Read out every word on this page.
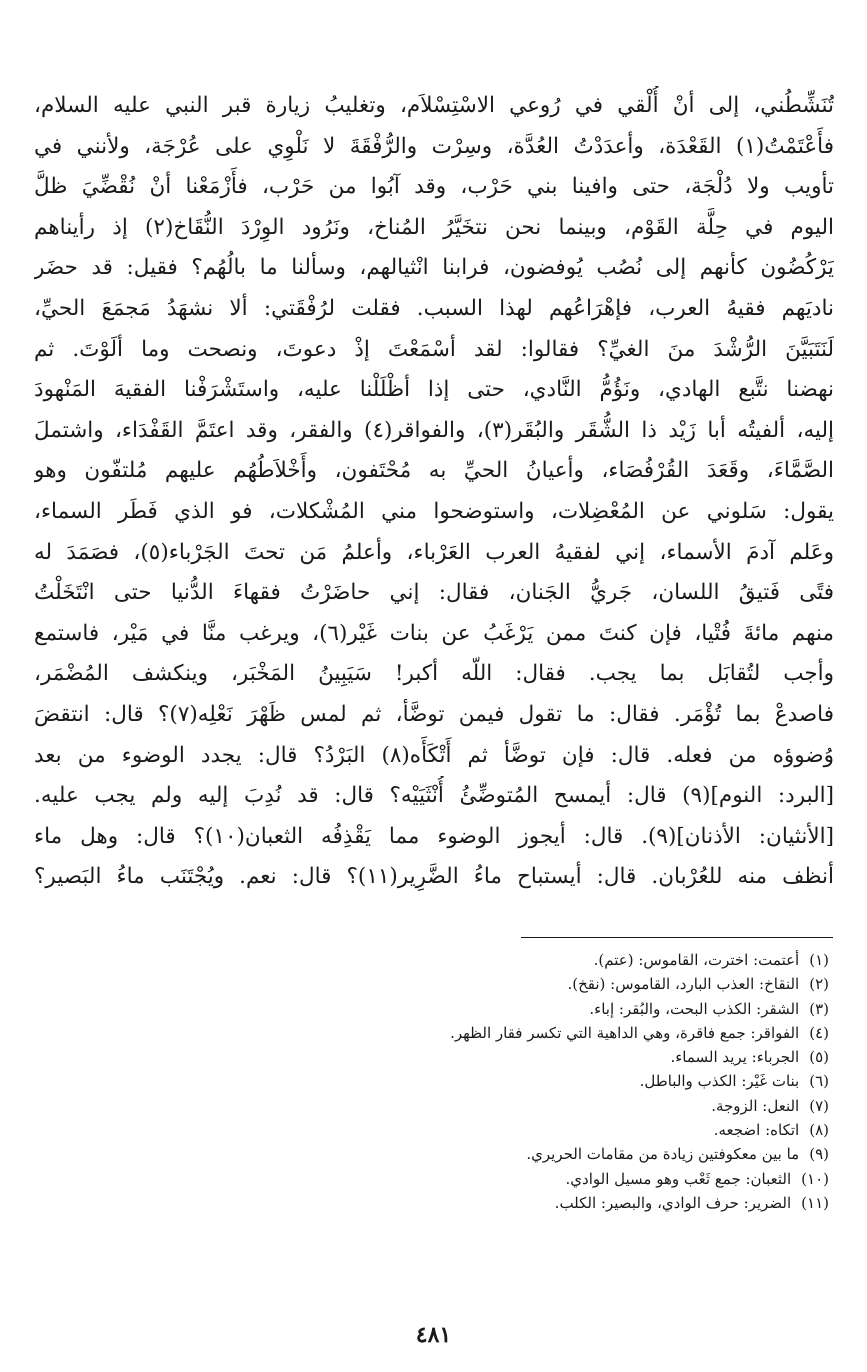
تُنَشِّطُني، إلى أنْ أُلْقي في رُوعي الاسْتِسْلاَم، وتغليبُ زيارة قبر النبي عليه السلام،
فأَعْتَمْتُ(١) القَعْدَة، وأعدَدْتُ العُدَّة، وسِرْت والرُّفْقَةَ لا نَلْوِي على عُرْجَة، ولأنني في
تأويب ولا دُلْجَة، حتى وافينا بني حَرْب، وقد آبُوا من حَرْب، فأَزْمَعْنا أنْ نُقْضِّيَ ظلَّ
اليوم في حِلَّة القَوْم، وبينما نحن نتخَيَّرُ المُناخ، ونَرُود الوِرْدَ النُّقَاخ(٢) إذ رأيناهم
يَرْكُضُون كأنهم إلى نُصُب يُوفضون، فرابنا انْثيالهم، وسألنا ما بالُهُم؟ فقيل: قد حضَر
ناديَهم فقيهُ العرب، فإهْرَاعُهم لهذا السبب. فقلت لرُفْقَتي: ألا نشهَدُ مَجمَعَ الحيِّ،
لَنَتَبَيَّنَ الرُّشْدَ منَ الغيِّ؟ فقالوا: لقد أسْمَعْتَ إذْ دعوتَ، ونصحت وما ألَوْتَ. ثم
نهضنا نتَّبع الهادي، ونَؤُمُّ النَّادي، حتى إذا أظْلَلْنا عليه، واستَشْرَفْنا الفقيهَ المَنْهودَ
إليه، ألفيتُه أبا زَيْد ذا الشُّقَر والبُقَر(٣)، والفواقر(٤) والفقر، وقد اعتَمَّ القَفْدَاء، واشتملَ
الصَّمَّاءَ، وقَعَدَ القُرْفُصَاء، وأعيانُ الحيِّ به مُحْتَفون، وأَخْلاَطُهُم عليهم مُلتفّون وهو
يقول: سَلوني عن المُعْضِلات، واستوضحوا مني المُشْكلات، فو الذي فَطَر السماء،
وعَلم آدمَ الأسماء، إني لفقيهُ العرب العَرْباء، وأعلمُ مَن تحتَ الجَرْباء(٥)، فصَمَدَ له
فتًى فَتيقُ اللسان، جَريُّ الجَنان، فقال: إني حاضَرْتُ فقهاءَ الدُّنيا حتى انْتَخَلْتُ
منهم مائةَ فُتْيا، فإن كنتَ ممن يَرْغَبُ عن بنات غَيْر(٦)، ويرغب منَّا في مَيْر، فاستمع
وأجب لتُقابَل بما يجب. فقال: اللّه أكبر! سَيَبِينُ المَخْبَر، وينكشف المُضْمَر،
فاصدعْ بما تُؤْمَر. فقال: ما تقول فيمن توضَّأ، ثم لمس ظَهْرَ نَعْلِه(٧)؟ قال: انتقضَ
وُضوؤه من فعله. قال: فإن توضَّأ ثم أَتْكَأَه(٨) البَرْدُ؟ قال: يجدد الوضوء من بعد
[البرد: النوم](٩) قال: أيمسح المُتوضِّئُ أُنْثَيَيْه؟ قال: قد نُدِبَ إليه ولم يجب عليه.
[الأنثيان: الأذنان](٩). قال: أيجوز الوضوء مما يَقْذِفُه الثعبان(١٠)؟ قال: وهل ماء
أنظف منه للعُرْبان. قال: أيستباح ماءُ الضَّرِير(١١)؟ قال: نعم. ويُجْتَنَب ماءُ البَصير؟
(١)أعتمت: اخترت، القاموس: (عتم).
(٢)النقاخ: العذب البارد، القاموس: (نقخ).
(٣)الشقر: الكذب البحت، والبُقر: إباء.
(٤)الفواقر: جمع فاقرة، وهي الداهية التي تكسر فقار الظهر.
(٥)الجرباء: يريد السماء.
(٦)بنات غَيْر: الكذب والباطل.
(٧)النعل: الزوجة.
(٨)اتكاه: اضجعه.
(٩)ما بين معكوفتين زيادة من مقامات الحريري.
(١٠)الثعبان: جمع ثَعْب وهو مسيل الوادي.
(١١)الضرير: حرف الوادي، والبصير: الكلب.
٤٨١
